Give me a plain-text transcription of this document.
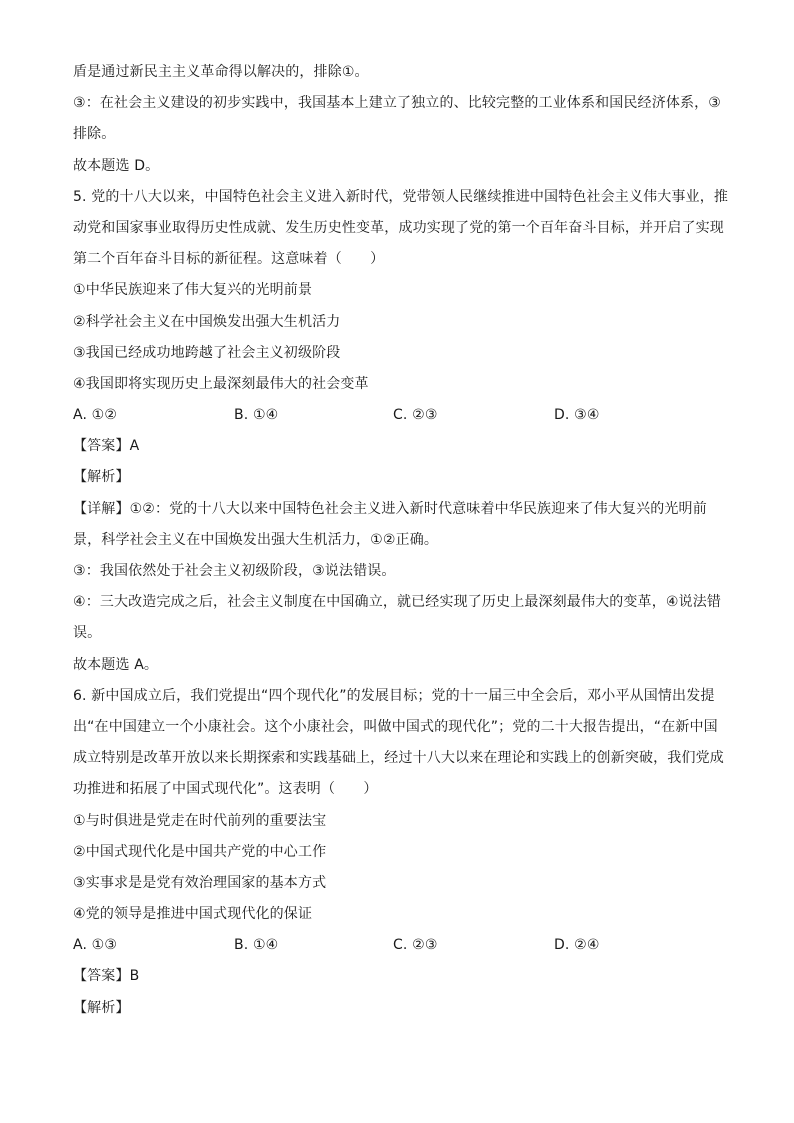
盾是通过新民主主义革命得以解决的，排除①。
③：在社会主义建设的初步实践中，我国基本上建立了独立的、比较完整的工业体系和国民经济体系，③
排除。
故本题选 D。
5. 党的十八大以来，中国特色社会主义进入新时代，党带领人民继续推进中国特色社会主义伟大事业，推
动党和国家事业取得历史性成就、发生历史性变革，成功实现了党的第一个百年奋斗目标，并开启了实现
第二个百年奋斗目标的新征程。这意味着（　　）
①中华民族迎来了伟大复兴的光明前景
②科学社会主义在中国焕发出强大生机活力
③我国已经成功地跨越了社会主义初级阶段
④我国即将实现历史上最深刻最伟大的社会变革
A. ①②	B. ①④	C. ②③	D. ③④
【答案】A
【解析】
【详解】①②：党的十八大以来中国特色社会主义进入新时代意味着中华民族迎来了伟大复兴的光明前
景，科学社会主义在中国焕发出强大生机活力，①②正确。
③：我国依然处于社会主义初级阶段，③说法错误。
④：三大改造完成之后，社会主义制度在中国确立，就已经实现了历史上最深刻最伟大的变革，④说法错
误。
故本题选 A。
6. 新中国成立后，我们党提出“四个现代化”的发展目标；党的十一届三中全会后，邓小平从国情出发提
出“在中国建立一个小康社会。这个小康社会，叫做中国式的现代化”；党的二十大报告提出，“在新中国
成立特别是改革开放以来长期探索和实践基础上，经过十八大以来在理论和实践上的创新突破，我们党成
功推进和拓展了中国式现代化”。这表明（　　）
①与时俱进是党走在时代前列的重要法宝
②中国式现代化是中国共产党的中心工作
③实事求是是党有效治理国家的基本方式
④党的领导是推进中国式现代化的保证
A. ①③	B. ①④	C. ②③	D. ②④
【答案】B
【解析】
